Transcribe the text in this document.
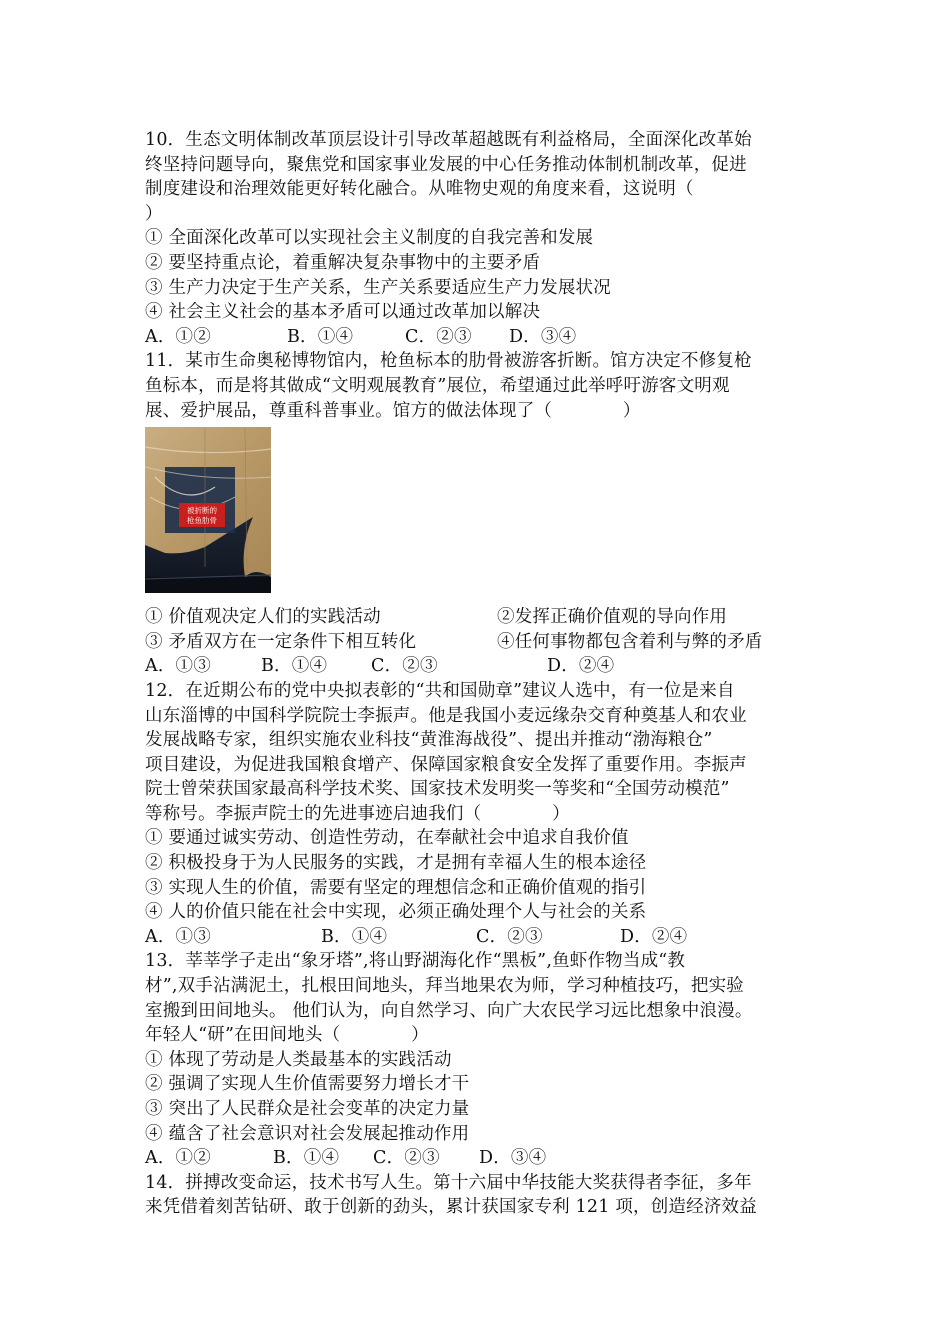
10．生态文明体制改革顶层设计引导改革超越既有利益格局，全面深化改革始
终坚持问题导向，聚焦党和国家事业发展的中心任务推动体制机制改革，促进
制度建设和治理效能更好转化融合。从唯物史观的角度来看，这说明（
）
① 全面深化改革可以实现社会主义制度的自我完善和发展
② 要坚持重点论，着重解决复杂事物中的主要矛盾
③ 生产力决定于生产关系，生产关系要适应生产力发展状况
④ 社会主义社会的基本矛盾可以通过改革加以解决
A．①②	B．①④	C．②③ D．③④
11．某市生命奥秘博物馆内，枪鱼标本的肋骨被游客折断。馆方决定不修复枪
鱼标本，而是将其做成“文明观展教育”展位，希望通过此举呼吁游客文明观
展、爱护展品，尊重科普事业。馆方的做法体现了（　　　　）
被折断的
枪鱼肋骨
① 价值观决定人们的实践活动	②发挥正确价值观的导向作用
③ 矛盾双方在一定条件下相互转化	④任何事物都包含着利与弊的矛盾
A．①③	B．①④	C．②③	D．②④
12．在近期公布的党中央拟表彰的“共和国勋章”建议人选中，有一位是来自
山东淄博的中国科学院院士李振声。他是我国小麦远缘杂交育种奠基人和农业
发展战略专家，组织实施农业科技“黄淮海战役”、提出并推动“渤海粮仓”
项目建设，为促进我国粮食增产、保障国家粮食安全发挥了重要作用。李振声
院士曾荣获国家最高科学技术奖、国家技术发明奖一等奖和“全国劳动模范”
等称号。李振声院士的先进事迹启迪我们（　　　　）
① 要通过诚实劳动、创造性劳动，在奉献社会中追求自我价值
② 积极投身于为人民服务的实践，才是拥有幸福人生的根本途径
③ 实现人生的价值，需要有坚定的理想信念和正确价值观的指引
④ 人的价值只能在社会中实现，必须正确处理个人与社会的关系
A．①③	B．①④	C．②③	D．②④
13．莘莘学子走出“象牙塔”,将山野湖海化作“黑板”,鱼虾作物当成“教
材”,双手沾满泥土，扎根田间地头，拜当地果农为师，学习种植技巧，把实验
室搬到田间地头。 他们认为，向自然学习、向广大农民学习远比想象中浪漫。
年轻人“研”在田间地头（　　　　）
① 体现了劳动是人类最基本的实践活动
② 强调了实现人生价值需要努力增长才干
③ 突出了人民群众是社会变革的决定力量
④ 蕴含了社会意识对社会发展起推动作用
A．①②	B．①④ C．②③ D．③④
14．拼搏改变命运，技术书写人生。第十六届中华技能大奖获得者李征，多年
来凭借着刻苦钻研、敢于创新的劲头，累计获国家专利 121 项，创造经济效益
